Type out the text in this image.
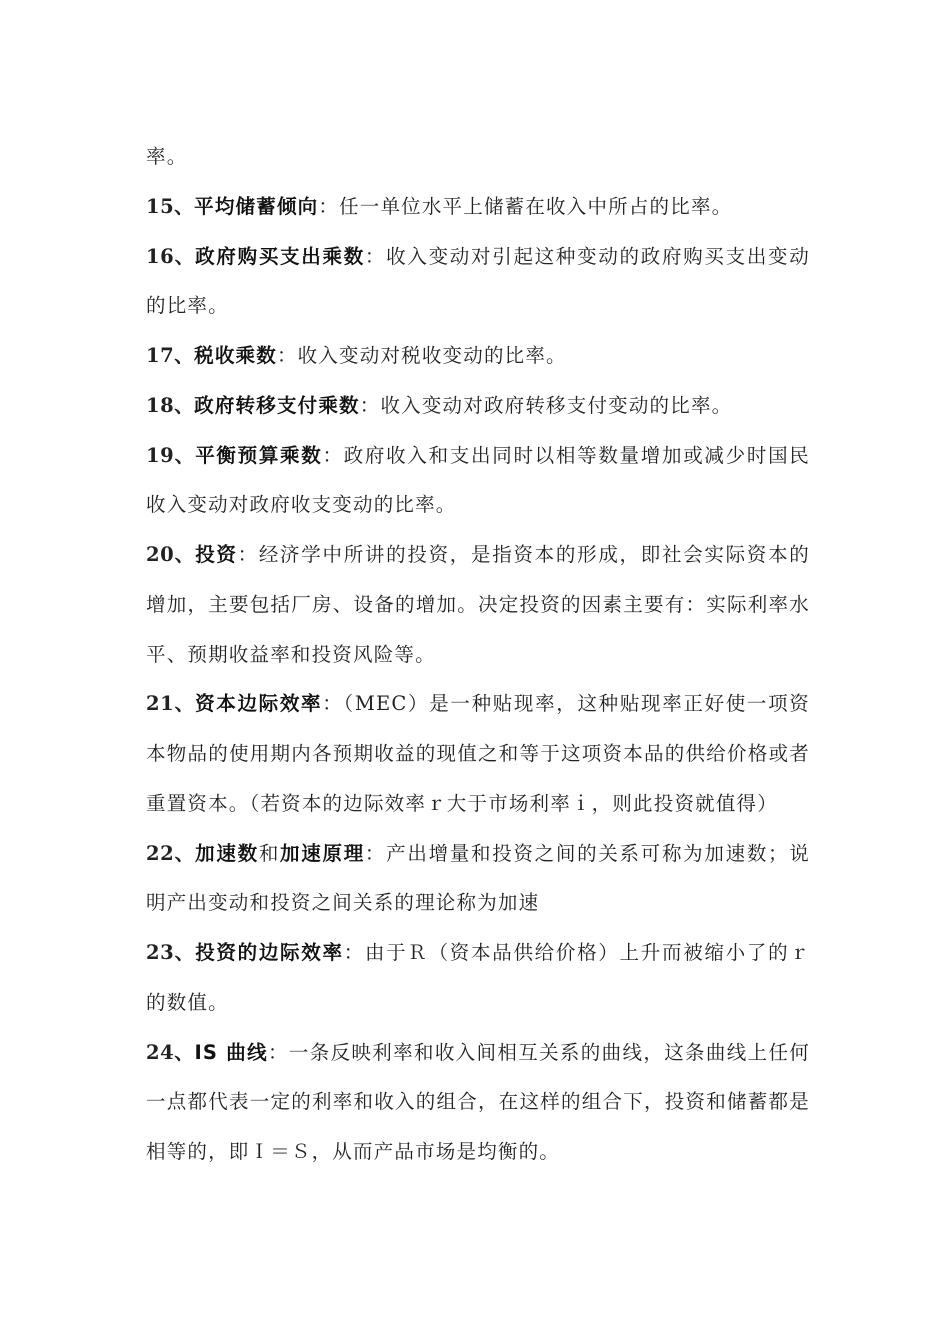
率。

15、平均储蓄倾向：任一单位水平上储蓄在收入中所占的比率。

16、政府购买支出乘数：收入变动对引起这种变动的政府购买支出变动的比率。

17、税收乘数：收入变动对税收变动的比率。

18、政府转移支付乘数：收入变动对政府转移支付变动的比率。

19、平衡预算乘数：政府收入和支出同时以相等数量增加或减少时国民收入变动对政府收支变动的比率。

20、投资：经济学中所讲的投资，是指资本的形成，即社会实际资本的增加，主要包括厂房、设备的增加。决定投资的因素主要有：实际利率水平、预期收益率和投资风险等。

21、资本边际效率：（MEC）是一种贴现率，这种贴现率正好使一项资本物品的使用期内各预期收益的现值之和等于这项资本品的供给价格或者重置资本。（若资本的边际效率ｒ大于市场利率ｉ，则此投资就值得）

22、加速数和加速原理：产出增量和投资之间的关系可称为加速数；说明产出变动和投资之间关系的理论称为加速

23、投资的边际效率：由于Ｒ（资本品供给价格）上升而被缩小了的ｒ的数值。

24、IS 曲线：一条反映利率和收入间相互关系的曲线，这条曲线上任何一点都代表一定的利率和收入的组合，在这样的组合下，投资和储蓄都是相等的，即Ｉ＝Ｓ，从而产品市场是均衡的。
